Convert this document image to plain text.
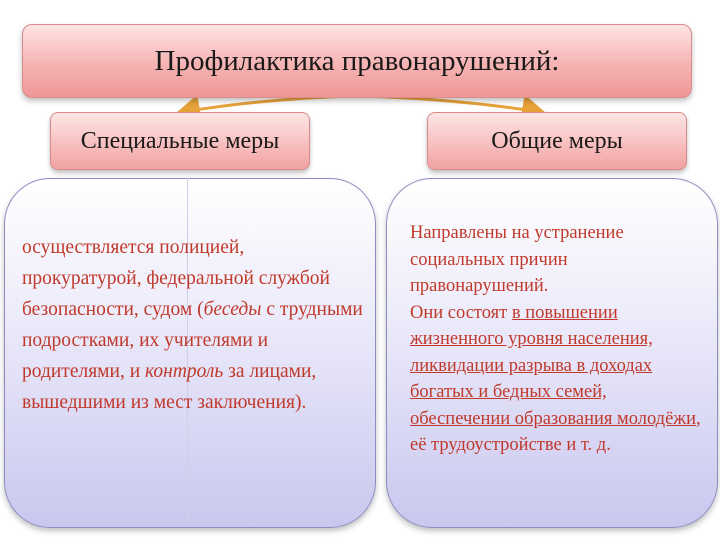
Профилактика правонарушений:
Специальные меры	Общие меры
осуществляется полицией, прокуратурой, федеральной службой безопасности, судом (беседы с трудными подростками, их учителями и родителями, и контроль за лицами, вышедшими из мест заключения).
Направлены на устранение социальных причин правонарушений.
Они состоят в повышении жизненного уровня населения, ликвидации разрыва в доходах богатых и бедных семей, обеспечении образования молодёжи, её трудоустройстве и т. д.
